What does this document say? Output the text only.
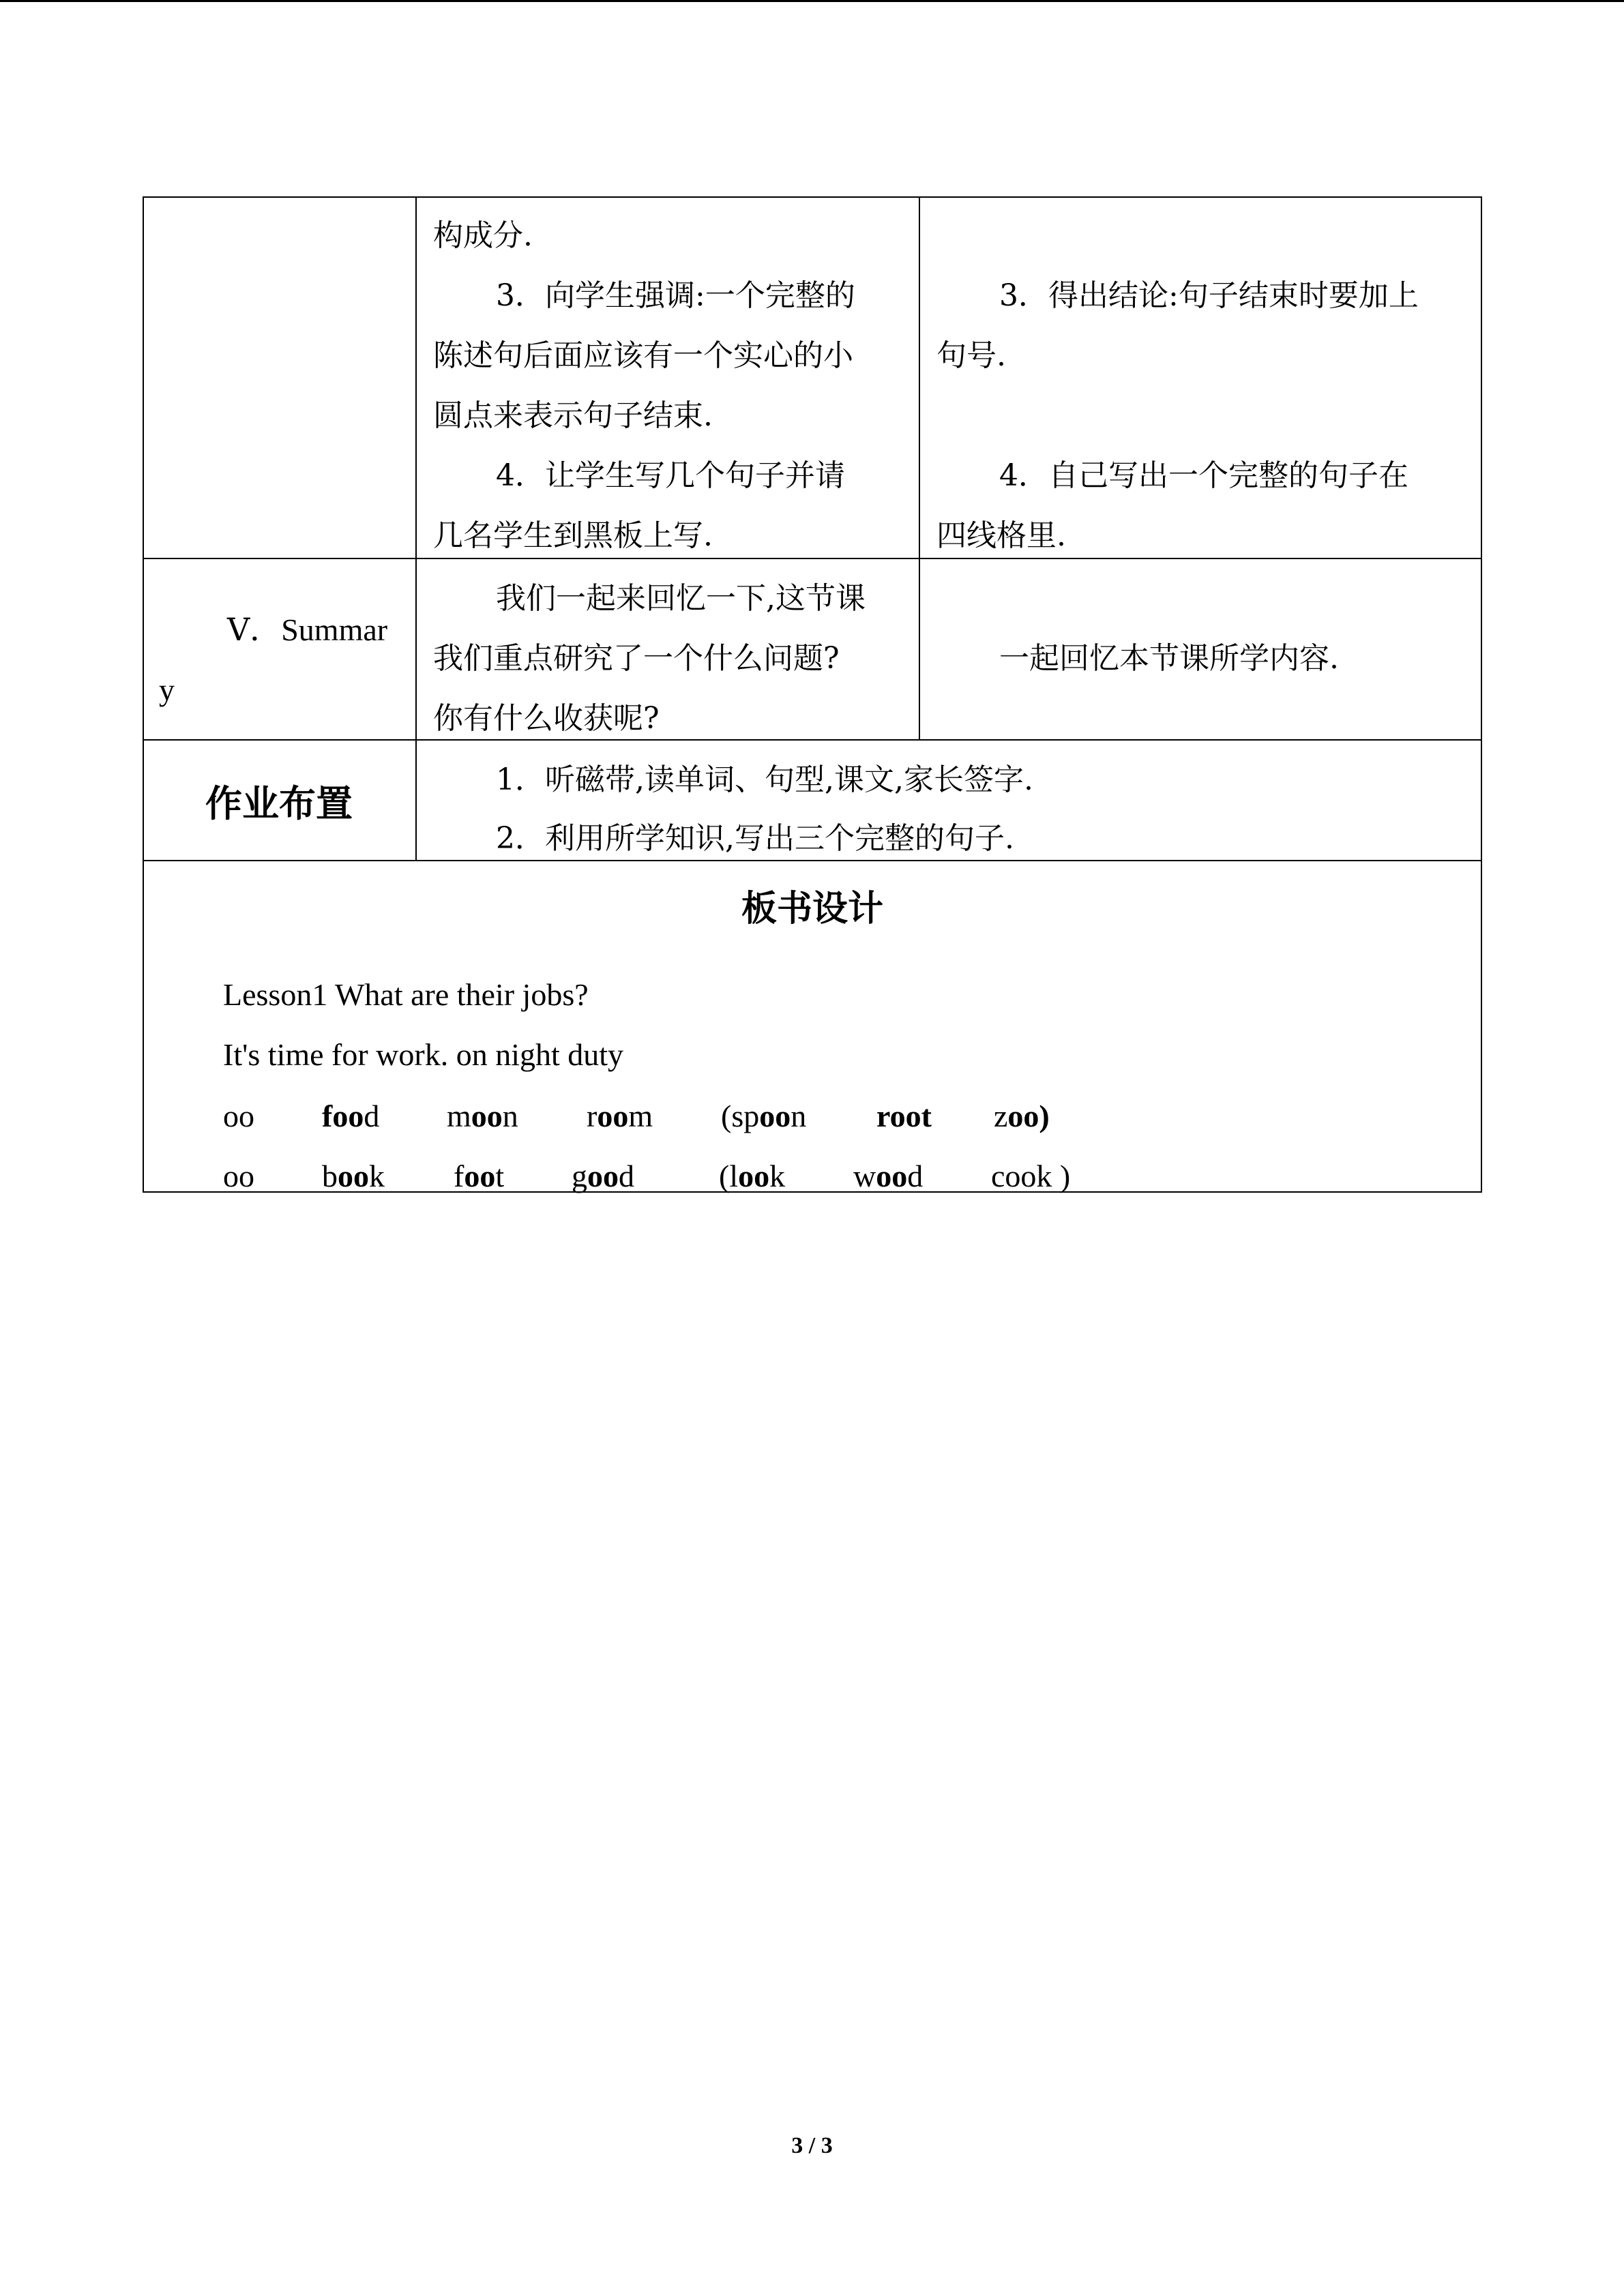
构成分.
3．向学生强调:一个完整的
陈述句后面应该有一个实心的小
圆点来表示句子结束.
4．让学生写几个句子并请
几名学生到黑板上写.
3．得出结论:句子结束时要加上
句号.
4．自己写出一个完整的句子在
四线格里.
Ⅴ．Summar
y
我们一起来回忆一下,这节课
我们重点研究了一个什么问题?
你有什么收获呢?
一起回忆本节课所学内容.
作业布置
1．听磁带,读单词、句型,课文,家长签字.
2．利用所学知识,写出三个完整的句子.
板书设计
Lesson1 What are their jobs?
It's time for work. on night duty
oo food moon room (spoon root zoo)
oo book foot good	(look wood cook )
3 / 3
